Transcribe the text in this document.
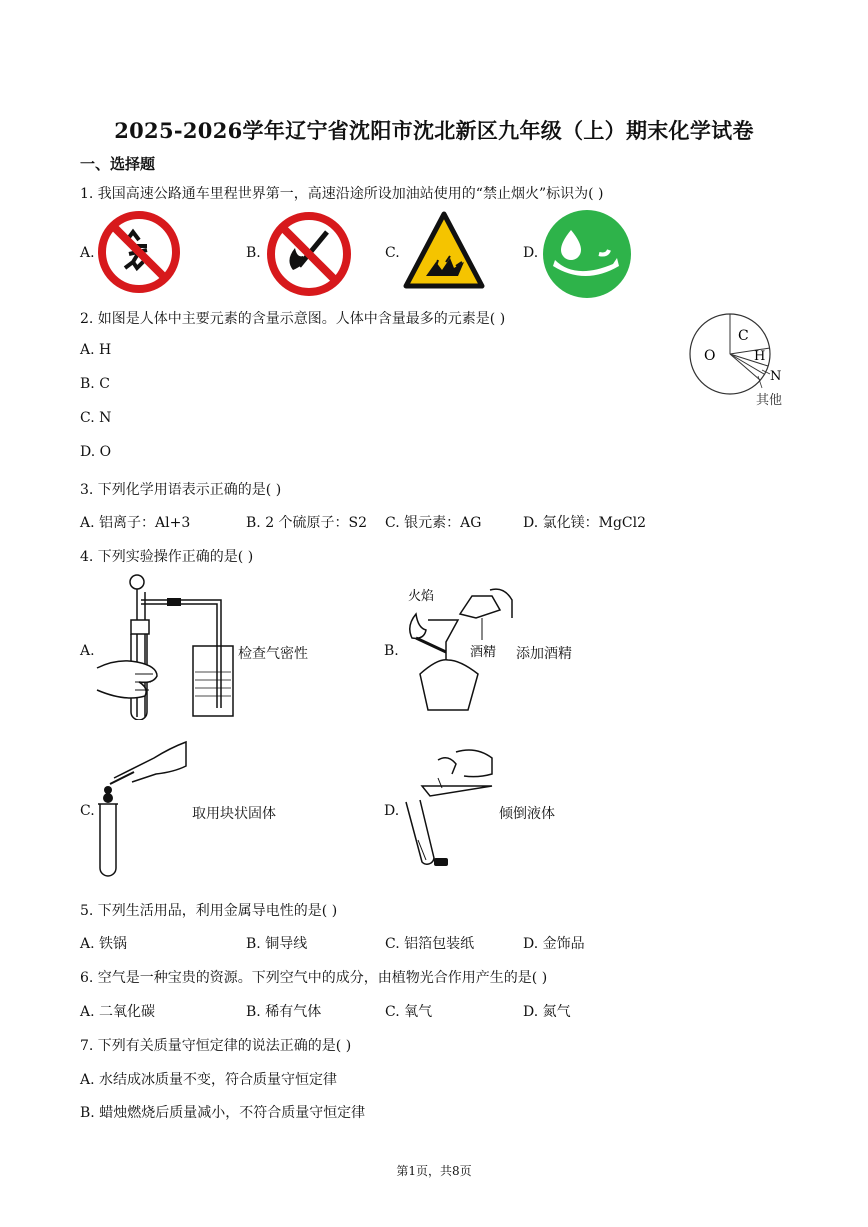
2025-2026学年辽宁省沈阳市沈北新区九年级（上）期末化学试卷
一、选择题
1. 我国高速公路通车里程世界第一，高速沿途所设加油站使用的“禁止烟火”标识为( )
A.	B.	C.	D.
2. 如图是人体中主要元素的含量示意图。人体中含量最多的元素是( )
A. H
B. C
C. N
D. O
O
C
H
N
其他
3. 下列化学用语表示正确的是( )
A. 铝离子：Al+3	B. 2 个硫原子：S2 C. 银元素：AG	D. 氯化镁：MgCl2
4. 下列实验操作正确的是( )
A.	检查气密性	B.
火焰
酒精 添加酒精
C.	取用块状固体	D.	倾倒液体
5. 下列生活用品，利用金属导电性的是( )
A. 铁锅	B. 铜导线	C. 铝箔包装纸	D. 金饰品
6. 空气是一种宝贵的资源。下列空气中的成分，由植物光合作用产生的是( )
A. 二氧化碳	B. 稀有气体	C. 氧气	D. 氮气
7. 下列有关质量守恒定律的说法正确的是( )
A. 水结成冰质量不变，符合质量守恒定律
B. 蜡烛燃烧后质量减小，不符合质量守恒定律
第1页，共8页
